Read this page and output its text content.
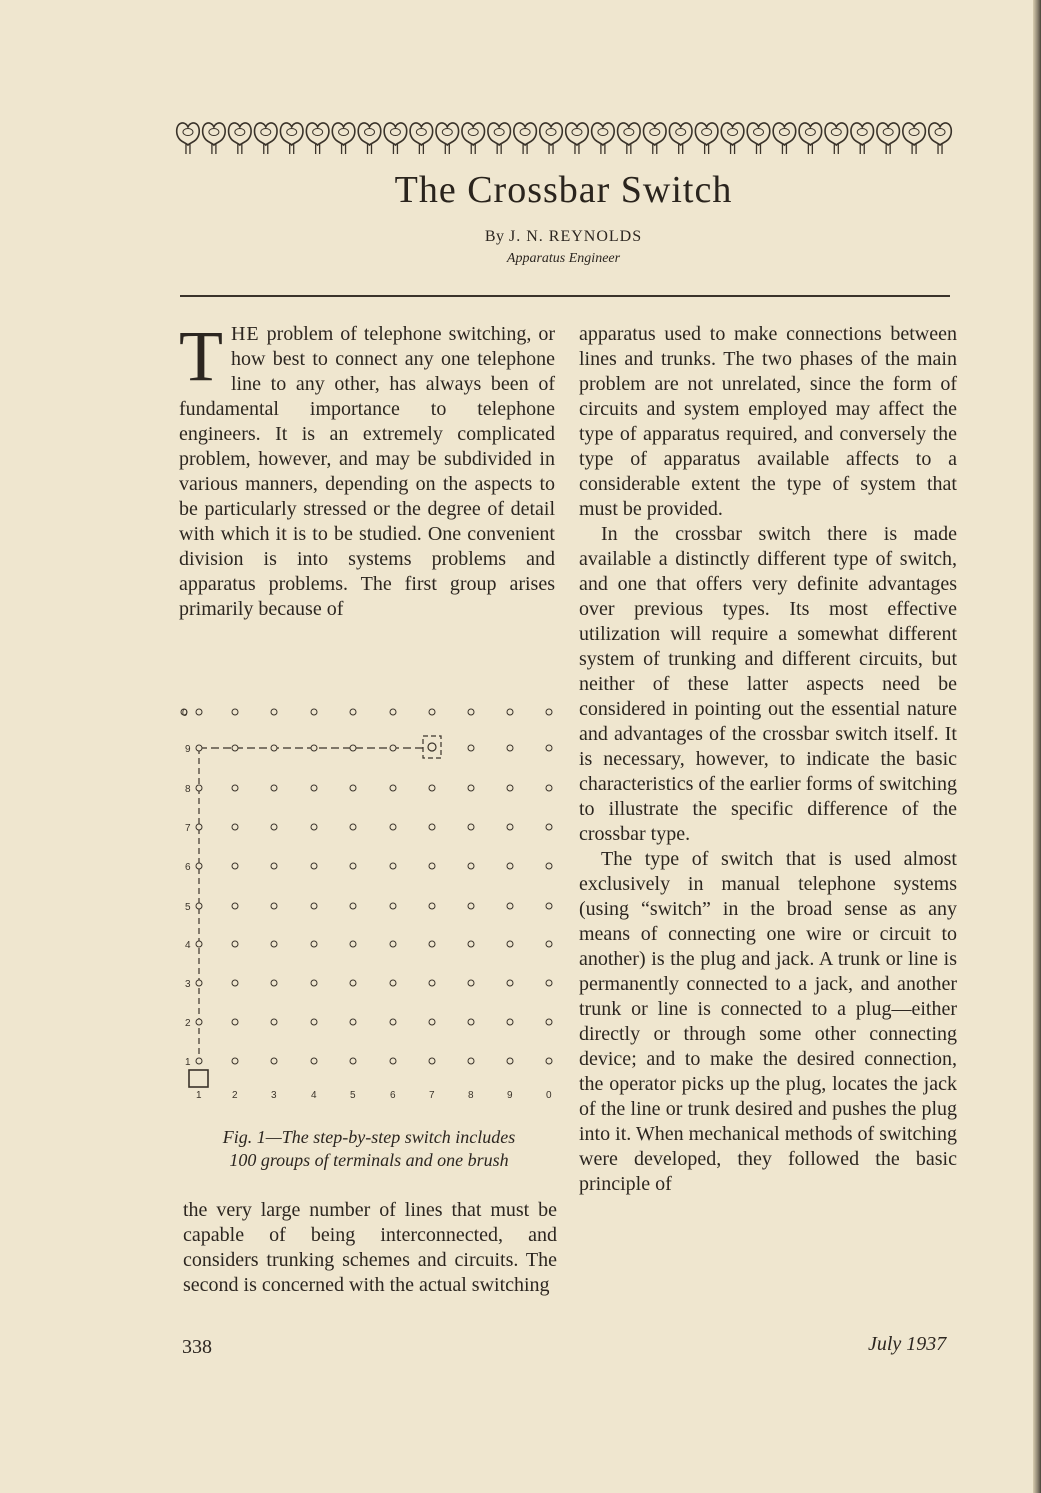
The Crossbar Switch
By J. N. REYNOLDS
Apparatus Engineer

THE problem of telephone switching, or how best to connect any one telephone line to any other, has always been of fundamental importance to telephone engineers. It is an extremely complicated problem, however, and may be subdivided in various manners, depending on the aspects to be particularly stressed or the degree of detail with which it is to be studied. One convenient division is into systems problems and apparatus problems. The first group arises primarily because of

0
9
8
7
6
5
4
3
2
1
1	2	3	4	5	6	7	8	9	0
Fig. 1—The step-by-step switch includes
100 groups of terminals and one brush

the very large number of lines that must be capable of being interconnected, and considers trunking schemes and circuits. The second is concerned with the actual switching

apparatus used to make connections between lines and trunks. The two phases of the main problem are not unrelated, since the form of circuits and system employed may affect the type of apparatus required, and conversely the type of apparatus available affects to a considerable extent the type of system that must be provided.

In the crossbar switch there is made available a distinctly different type of switch, and one that offers very definite advantages over previous types. Its most effective utilization will require a somewhat different system of trunking and different circuits, but neither of these latter aspects need be considered in pointing out the essential nature and advantages of the crossbar switch itself. It is necessary, however, to indicate the basic characteristics of the earlier forms of switching to illustrate the specific difference of the crossbar type.

The type of switch that is used almost exclusively in manual telephone systems (using “switch” in the broad sense as any means of connecting one wire or circuit to another) is the plug and jack. A trunk or line is permanently connected to a jack, and another trunk or line is connected to a plug—either directly or through some other connecting device; and to make the desired connection, the operator picks up the plug, locates the jack of the line or trunk desired and pushes the plug into it. When mechanical methods of switching were developed, they followed the basic principle of

338	July 1937
